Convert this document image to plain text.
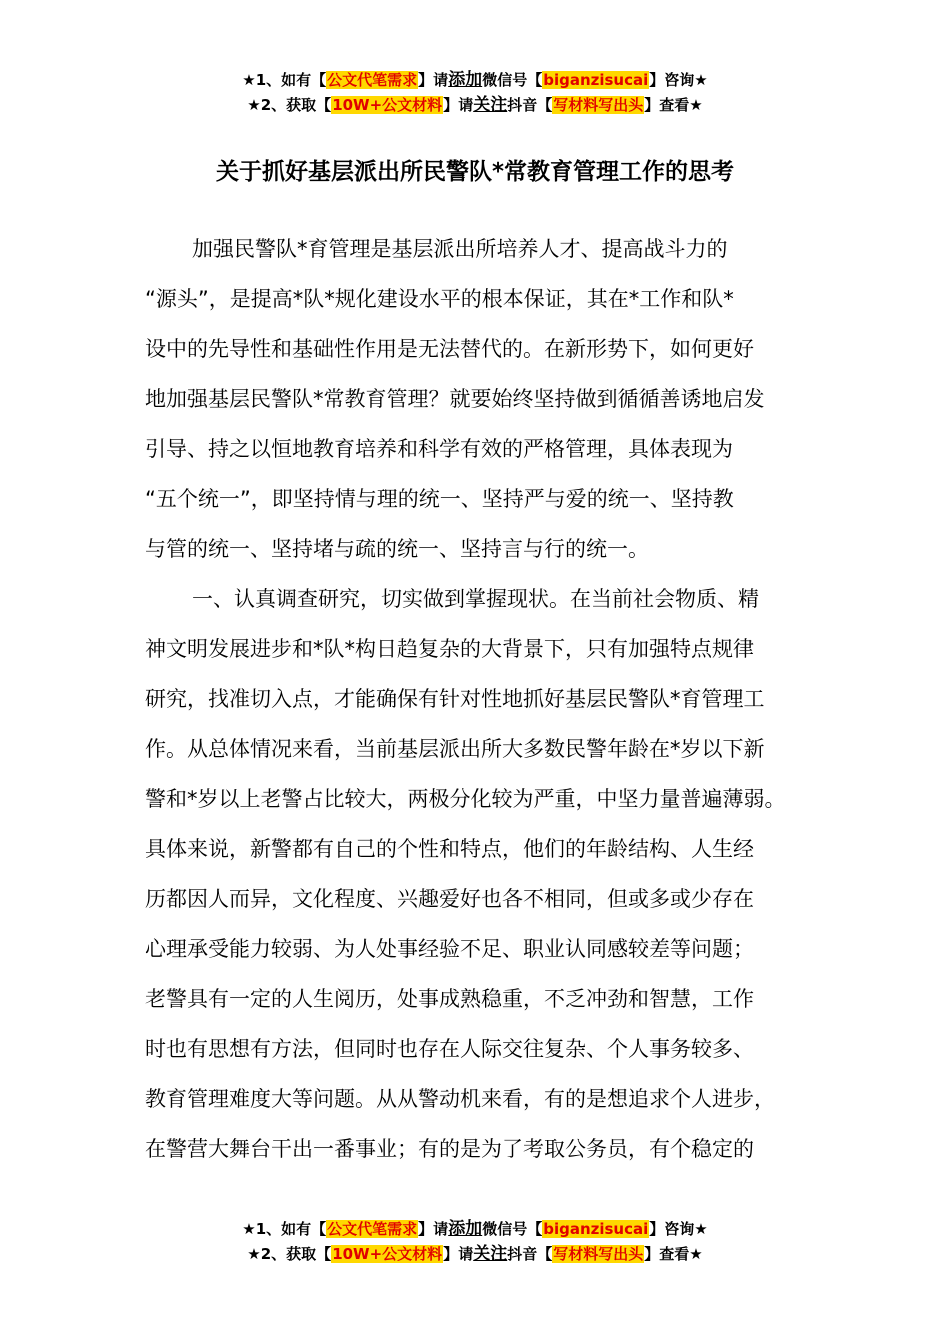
★1、如有【公文代笔需求】请添加微信号【biganzisucai】咨询★
★2、获取【10W+公文材料】请关注抖音【写材料写出头】查看★
关于抓好基层派出所民警队*常教育管理工作的思考
加强民警队*育管理是基层派出所培养人才、提高战斗力的
“源头”，是提高*队*规化建设水平的根本保证，其在*工作和队*
设中的先导性和基础性作用是无法替代的。在新形势下，如何更好
地加强基层民警队*常教育管理？就要始终坚持做到循循善诱地启发
引导、持之以恒地教育培养和科学有效的严格管理，具体表现为
“五个统一”，即坚持情与理的统一、坚持严与爱的统一、坚持教
与管的统一、坚持堵与疏的统一、坚持言与行的统一。
一、认真调查研究，切实做到掌握现状。在当前社会物质、精
神文明发展进步和*队*构日趋复杂的大背景下，只有加强特点规律
研究，找准切入点，才能确保有针对性地抓好基层民警队*育管理工
作。从总体情况来看，当前基层派出所大多数民警年龄在*岁以下新
警和*岁以上老警占比较大，两极分化较为严重，中坚力量普遍薄弱。
具体来说，新警都有自己的个性和特点，他们的年龄结构、人生经
历都因人而异，文化程度、兴趣爱好也各不相同，但或多或少存在
心理承受能力较弱、为人处事经验不足、职业认同感较差等问题；
老警具有一定的人生阅历，处事成熟稳重，不乏冲劲和智慧，工作
时也有思想有方法，但同时也存在人际交往复杂、个人事务较多、
教育管理难度大等问题。从从警动机来看，有的是想追求个人进步，
在警营大舞台干出一番事业；有的是为了考取公务员，有个稳定的
★1、如有【公文代笔需求】请添加微信号【biganzisucai】咨询★
★2、获取【10W+公文材料】请关注抖音【写材料写出头】查看★
